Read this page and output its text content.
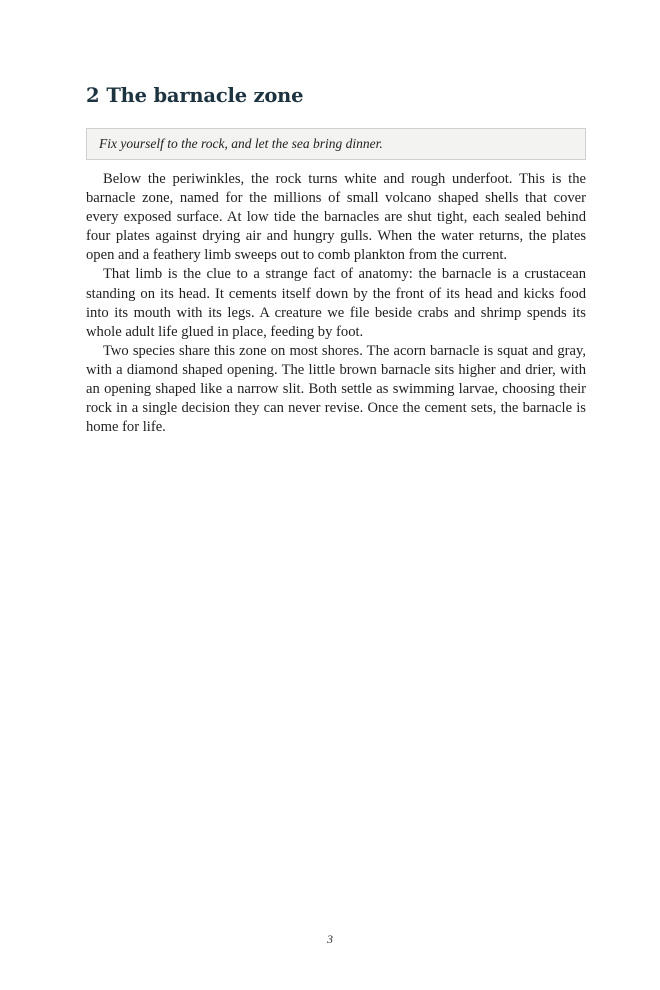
2 The barnacle zone
Fix yourself to the rock, and let the sea bring dinner.

Below the periwinkles, the rock turns white and rough underfoot. This is the barnacle zone, named for the millions of small volcano shaped shells that cover every exposed surface. At low tide the barnacles are shut tight, each sealed behind four plates against drying air and hungry gulls. When the water returns, the plates open and a feathery limb sweeps out to comb plankton from the current.

That limb is the clue to a strange fact of anatomy: the barnacle is a crustacean standing on its head. It cements itself down by the front of its head and kicks food into its mouth with its legs. A creature we file beside crabs and shrimp spends its whole adult life glued in place, feeding by foot.

Two species share this zone on most shores. The acorn barnacle is squat and gray, with a diamond shaped opening. The little brown barnacle sits higher and drier, with an opening shaped like a narrow slit. Both settle as swimming larvae, choosing their rock in a single decision they can never revise. Once the cement sets, the barnacle is home for life.

3
